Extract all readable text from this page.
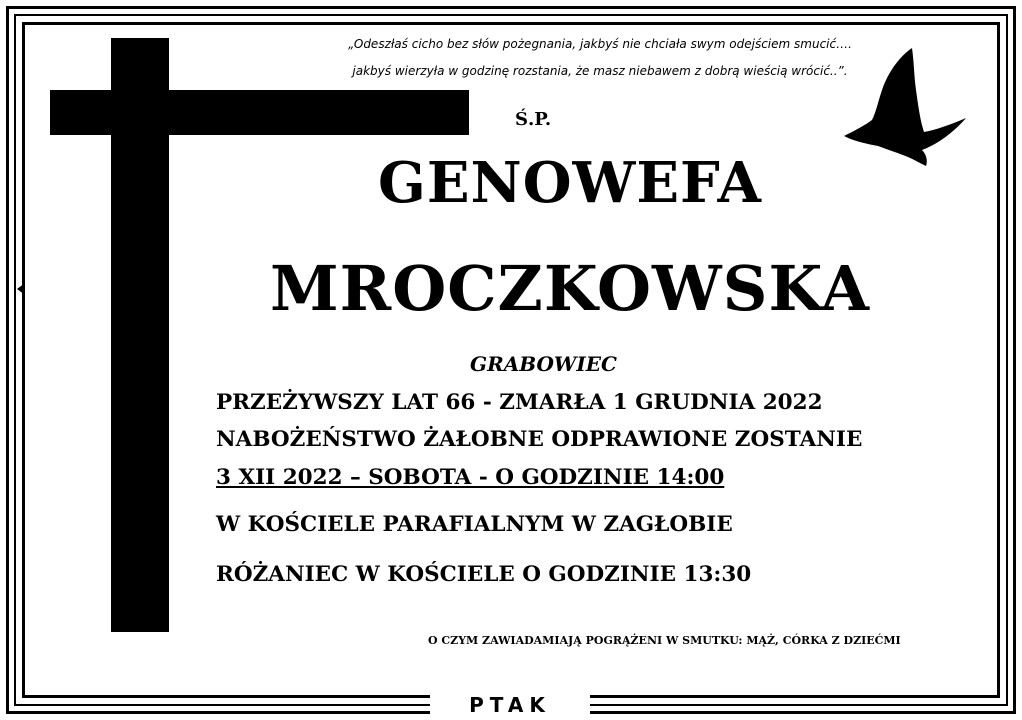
„Odeszłaś cicho bez słów pożegnania, jakbyś nie chciała swym odejściem smucić….
jakbyś wierzyła w godzinę rozstania, że masz niebawem z dobrą wieścią wrócić..”.
Ś.P.
GENOWEFA
MROCZKOWSKA
GRABOWIEC
PRZEŻYWSZY LAT 66 - ZMARŁA 1 GRUDNIA 2022
NABOŻEŃSTWO ŻAŁOBNE ODPRAWIONE ZOSTANIE
3 XII 2022 – SOBOTA - O GODZINIE 14:00
W KOŚCIELE PARAFIALNYM W ZAGŁOBIE
RÓŻANIEC W KOŚCIELE O GODZINIE 13:30
O CZYM ZAWIADAMIAJĄ POGRĄŻENI W SMUTKU: MĄŻ, CÓRKA Z DZIEĆMI
PTAK
